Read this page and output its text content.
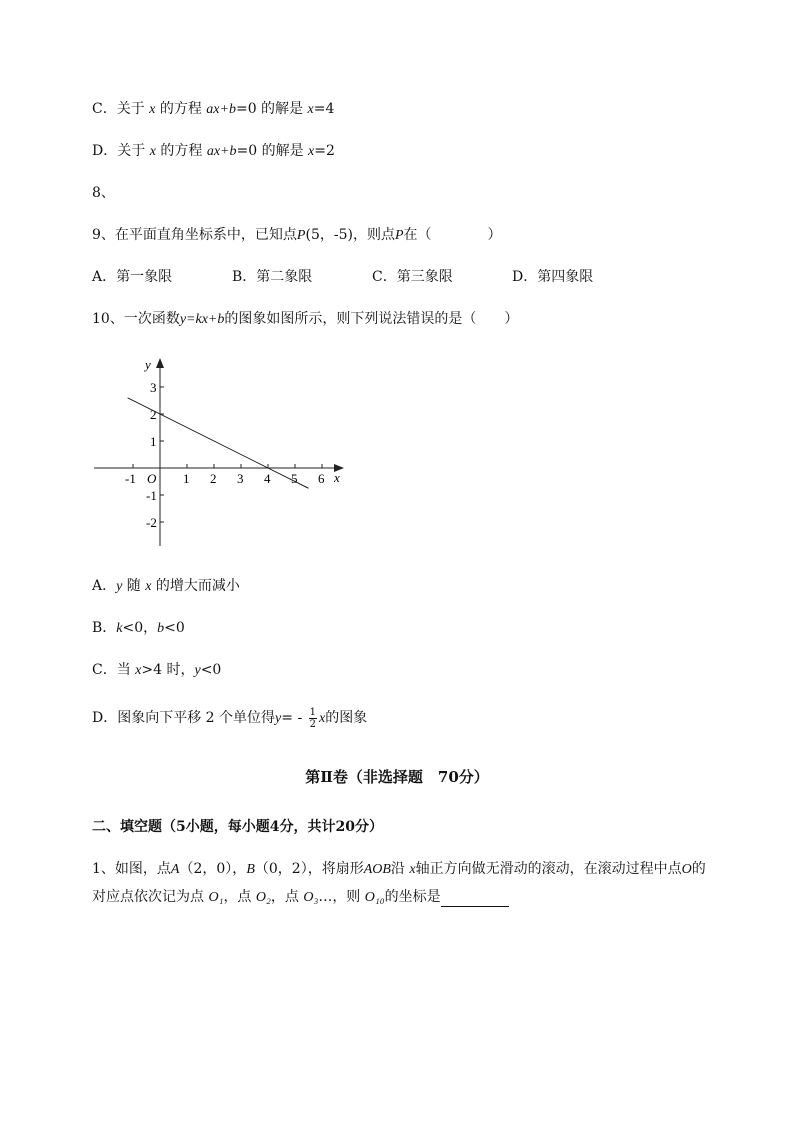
C．关于 x 的方程 ax+b=0 的解是 x=4
D．关于 x 的方程 ax+b=0 的解是 x=2
8、
9、在平面直角坐标系中，已知点P(5，-5)，则点P在（　　　　）
A．第一象限	B．第二象限	C．第三象限	D．第四象限
10、一次函数y=kx+b的图象如图所示，则下列说法错误的是（　　）
x
y
O
-1	1 2 3 4 5 6
3
2
1
-1
-2
A．y 随 x 的增大而减小
B．k<0，b<0
C．当 x>4 时，y<0
D．图象向下平移 2 个单位得$y= - \frac{1}{2}$ x的图象
第Ⅱ卷（非选择题　70分）
二、填空题（5小题，每小题4分，共计20分）
1、如图，点A（2，0），B（0，2），将扇形AOB沿 x轴正方向做无滑动的滚动，在滚动过程中点O的
对应点依次记为点 O₁，点 O₂，点 O₃…，则 O₁₀的坐标是
